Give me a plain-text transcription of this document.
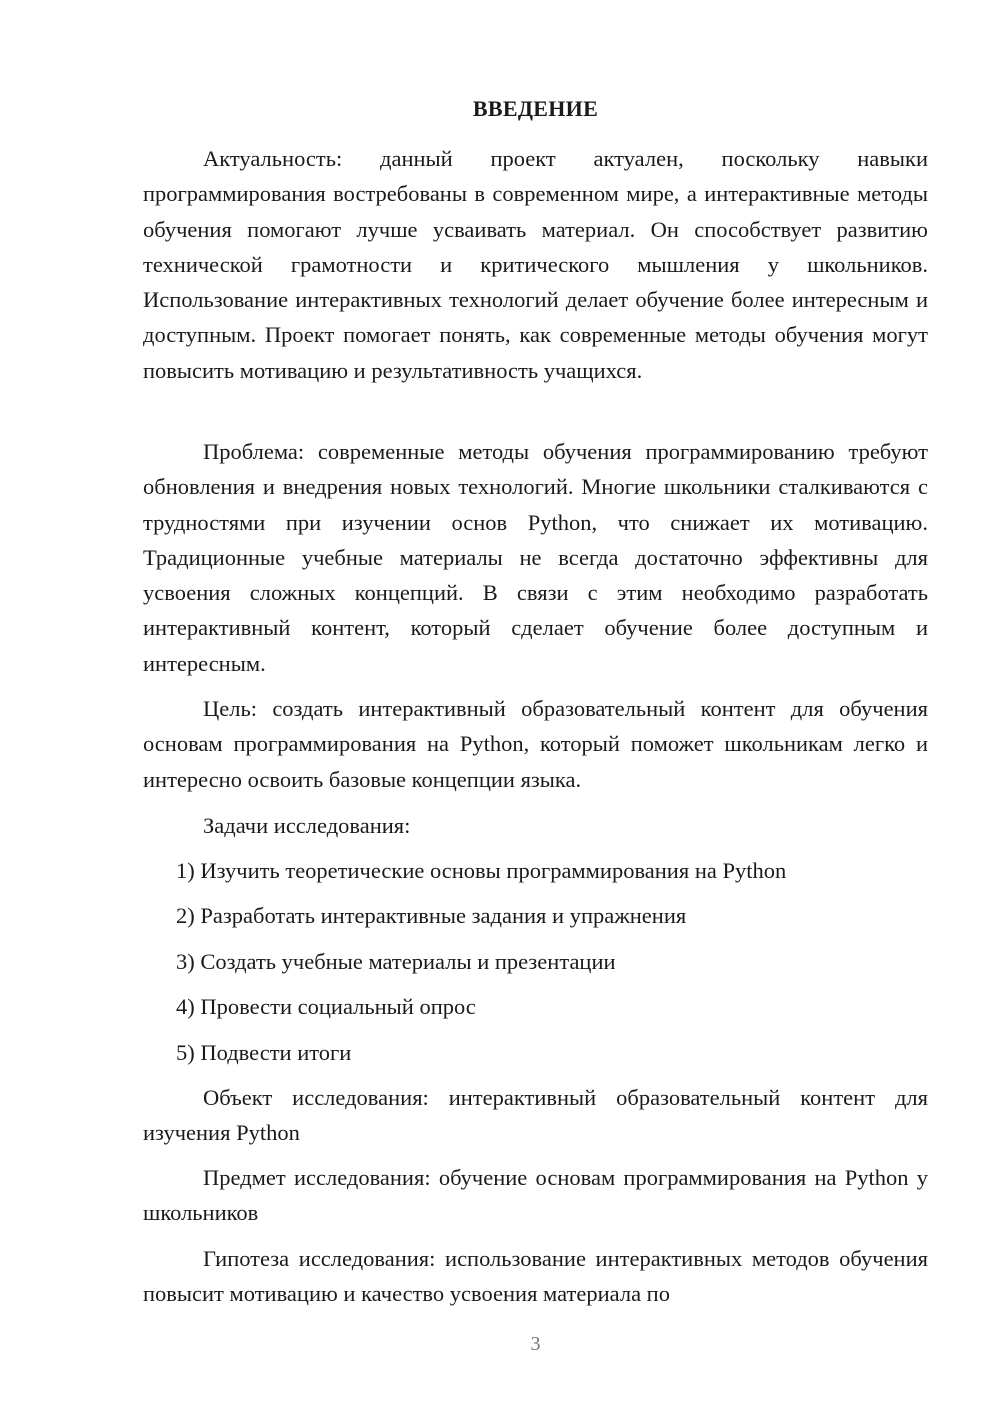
ВВЕДЕНИЕ

Актуальность: данный проект актуален, поскольку навыки программирования востребованы в современном мире, а интерактивные методы обучения помогают лучше усваивать материал. Он способствует развитию технической грамотности и критического мышления у школьников. Использование интерактивных технологий делает обучение более интересным и доступным. Проект помогает понять, как современные методы обучения могут повысить мотивацию и результативность учащихся.

Проблема: современные методы обучения программированию требуют обновления и внедрения новых технологий. Многие школьники сталкиваются с трудностями при изучении основ Python, что снижает их мотивацию. Традиционные учебные материалы не всегда достаточно эффективны для усвоения сложных концепций. В связи с этим необходимо разработать интерактивный контент, который сделает обучение более доступным и интересным.

Цель: создать интерактивный образовательный контент для обучения основам программирования на Python, который поможет школьникам легко и интересно освоить базовые концепции языка.

Задачи исследования:

1) Изучить теоретические основы программирования на Python
2) Разработать интерактивные задания и упражнения
3) Создать учебные материалы и презентации
4) Провести социальный опрос
5) Подвести итоги

Объект исследования: интерактивный образовательный контент для изучения Python

Предмет исследования: обучение основам программирования на Python у школьников

Гипотеза исследования: использование интерактивных методов обучения повысит мотивацию и качество усвоения материала по

3
